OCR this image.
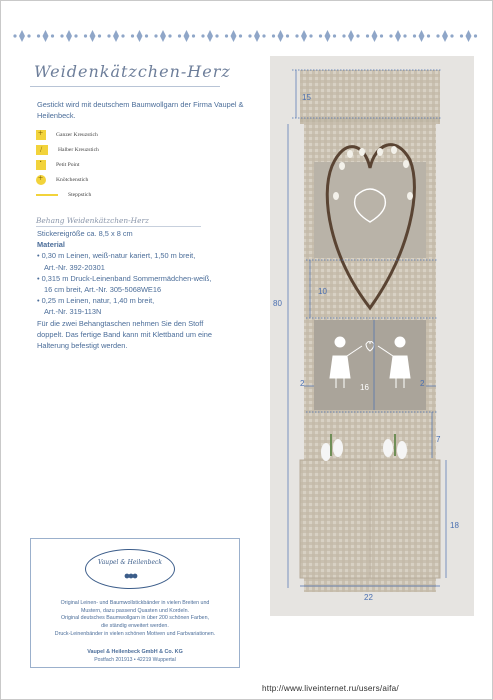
Weidenkätzchen-Herz
Gestickt wird mit deutschem Baumwollgarn der Firma Vaupel & Heilenbeck.
+
Ganzer Kreuzstich
/
Halber Kreuzstich
·
Petit Point
+
Knötchenstich
Steppstich
Behang Weidenkätzchen-Herz
Stickereigröße ca. 8,5 x 8 cm
Material
• 0,30 m Leinen, weiß-natur kariert, 1,50 m breit,
Art.-Nr. 392-20301
• 0,315 m Druck-Leinenband Sommermädchen-weiß,
16 cm breit, Art.-Nr. 305-5068WE16
• 0,25 m Leinen, natur, 1,40 m breit,
Art.-Nr. 319-113N
Für die zwei Behangtaschen nehmen Sie den Stoff
doppelt. Das fertige Band kann mit Klettband um eine
Halterung befestigt werden.
Vaupel & Heilenbeck
Original Leinen- und Baumwollstickbänder in vielen Breiten und
Mustern, dazu passend Quasten und Kordeln.
Original deutsches Baumwollgarn in über 200 schönen Farben,
die ständig erweitert werden.
Druck-Leinenbänder in vielen schönen Motiven und Farbvariationen.
Vaupel & Heilenbeck GmbH & Co. KG
Postfach 201913 • 42219 Wuppertal
15
80
10
2	16	2
7
18
22
http://www.liveinternet.ru/users/aifa/
